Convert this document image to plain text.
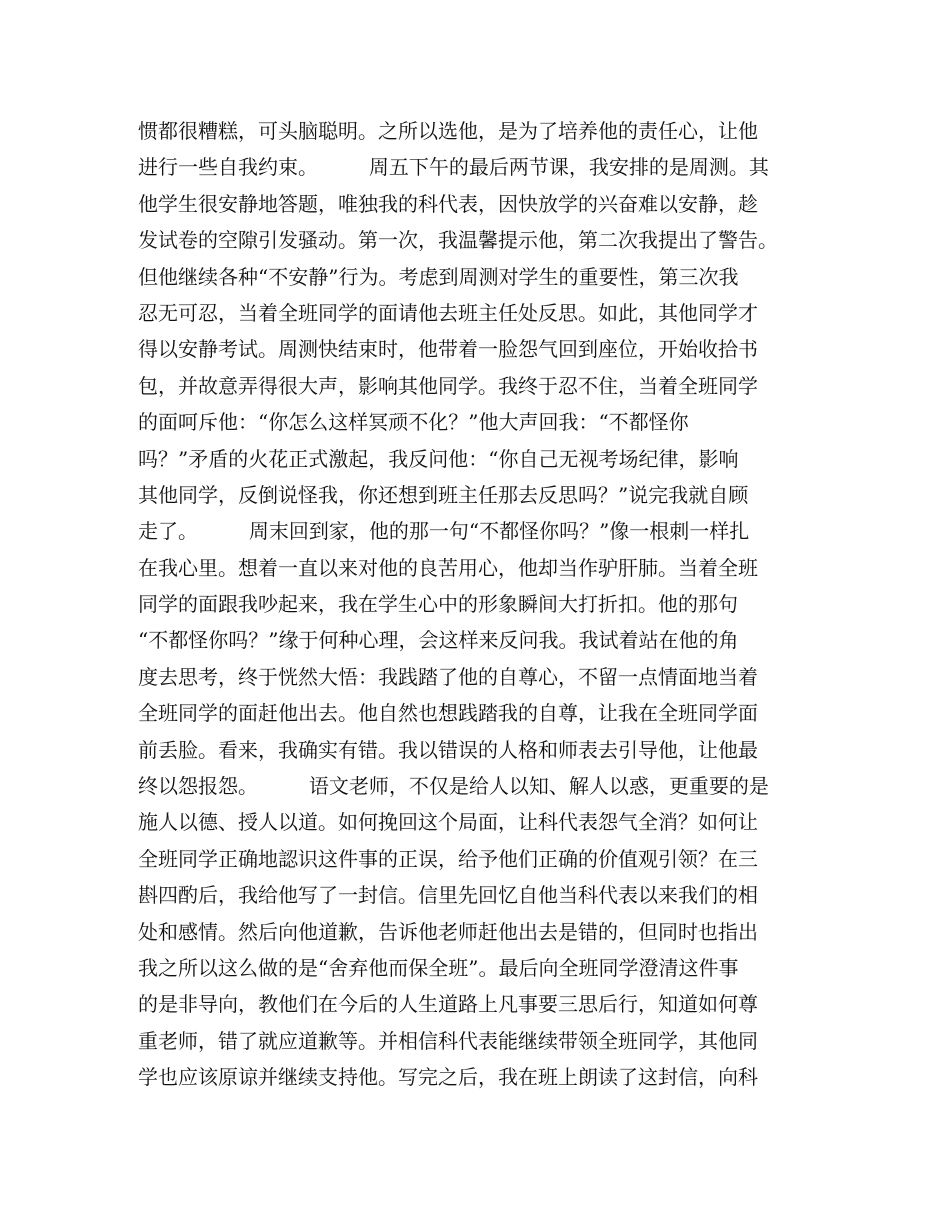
惯都很糟糕，可头脑聪明。之所以选他，是为了培养他的责任心，让他
进行一些自我约束。        周五下午的最后两节课，我安排的是周测。其
他学生很安静地答题，唯独我的科代表，因快放学的兴奋难以安静，趁
发试卷的空隙引发骚动。第一次，我温馨提示他，第二次我提出了警告。
但他继续各种“不安静”行为。考虑到周测对学生的重要性，第三次我
忍无可忍，当着全班同学的面请他去班主任处反思。如此，其他同学才
得以安静考试。周测快结束时，他带着一脸怨气回到座位，开始收拾书
包，并故意弄得很大声，影响其他同学。我终于忍不住，当着全班同学
的面呵斥他：“你怎么这样冥顽不化？”他大声回我：“不都怪你
吗？”矛盾的火花正式激起，我反问他：“你自己无视考场纪律，影响
其他同学，反倒说怪我，你还想到班主任那去反思吗？”说完我就自顾
走了。        周末回到家，他的那一句“不都怪你吗？”像一根刺一样扎
在我心里。想着一直以来对他的良苦用心，他却当作驴肝肺。当着全班
同学的面跟我吵起来，我在学生心中的形象瞬间大打折扣。他的那句
“不都怪你吗？”缘于何种心理，会这样来反问我。我试着站在他的角
度去思考，终于恍然大悟：我践踏了他的自尊心，不留一点情面地当着
全班同学的面赶他出去。他自然也想践踏我的自尊，让我在全班同学面
前丢脸。看来，我确实有错。我以错误的人格和师表去引导他，让他最
终以怨报怨。        语文老师，不仅是给人以知、解人以惑，更重要的是
施人以德、授人以道。如何挽回这个局面，让科代表怨气全消？如何让
全班同学正确地認识这件事的正误，给予他们正确的价值观引领？在三
斟四酌后，我给他写了一封信。信里先回忆自他当科代表以来我们的相
处和感情。然后向他道歉，告诉他老师赶他出去是错的，但同时也指出
我之所以这么做的是“舍弃他而保全班”。最后向全班同学澄清这件事
的是非导向，教他们在今后的人生道路上凡事要三思后行，知道如何尊
重老师，错了就应道歉等。并相信科代表能继续带领全班同学，其他同
学也应该原谅并继续支持他。写完之后，我在班上朗读了这封信，向科
